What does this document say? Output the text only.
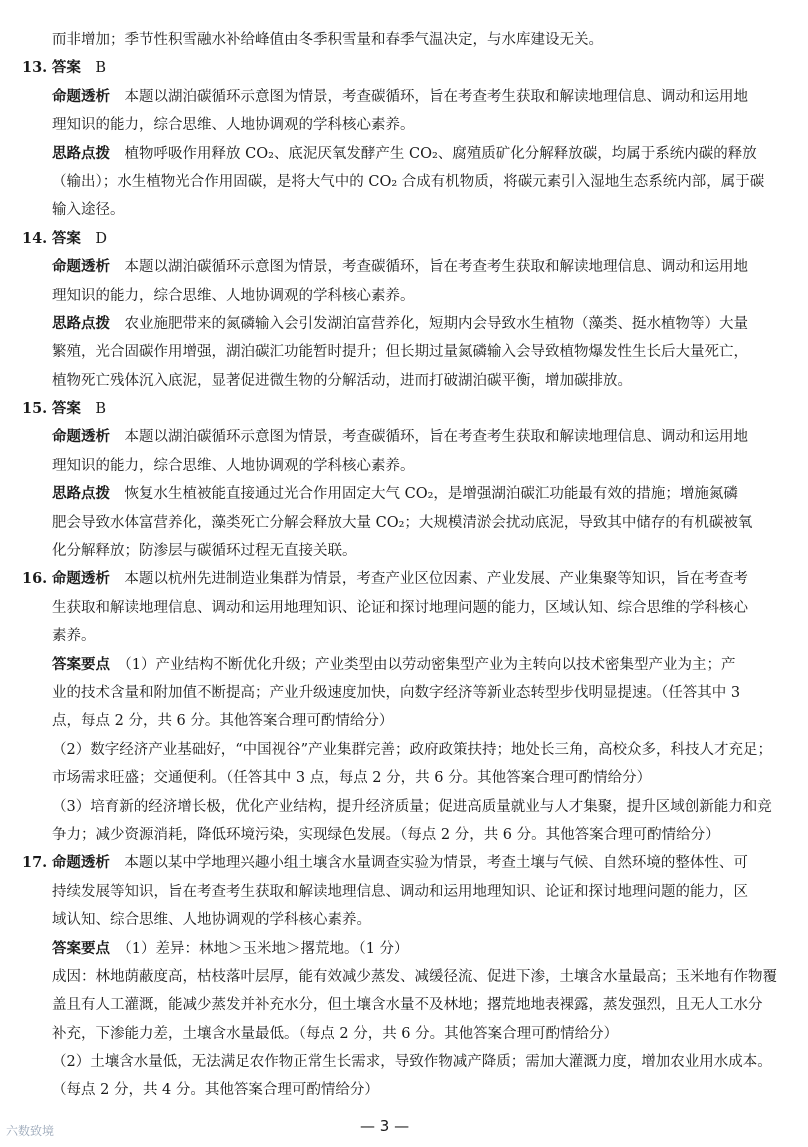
而非增加；季节性积雪融水补给峰值由冬季积雪量和春季气温决定，与水库建设无关。
13. 答案　 B
命题透析　 本题以湖泊碳循环示意图为情景，考查碳循环，旨在考查考生获取和解读地理信息、调动和运用地
理知识的能力，综合思维、人地协调观的学科核心素养。
思路点拨　 植物呼吸作用释放 CO₂、底泥厌氧发酵产生 CO₂、腐殖质矿化分解释放碳，均属于系统内碳的释放
（输出）；水生植物光合作用固碳，是将大气中的 CO₂ 合成有机物质，将碳元素引入湿地生态系统内部，属于碳
输入途径。
14. 答案　 D
命题透析　 本题以湖泊碳循环示意图为情景，考查碳循环，旨在考查考生获取和解读地理信息、调动和运用地
理知识的能力，综合思维、人地协调观的学科核心素养。
思路点拨　 农业施肥带来的氮磷输入会引发湖泊富营养化，短期内会导致水生植物（藻类、挺水植物等）大量
繁殖，光合固碳作用增强，湖泊碳汇功能暂时提升；但长期过量氮磷输入会导致植物爆发性生长后大量死亡，
植物死亡残体沉入底泥，显著促进微生物的分解活动，进而打破湖泊碳平衡，增加碳排放。
15. 答案　 B
命题透析　 本题以湖泊碳循环示意图为情景，考查碳循环，旨在考查考生获取和解读地理信息、调动和运用地
理知识的能力，综合思维、人地协调观的学科核心素养。
思路点拨　 恢复水生植被能直接通过光合作用固定大气 CO₂，是增强湖泊碳汇功能最有效的措施；增施氮磷
肥会导致水体富营养化，藻类死亡分解会释放大量 CO₂；大规模清淤会扰动底泥，导致其中储存的有机碳被氧
化分解释放；防渗层与碳循环过程无直接关联。
16. 命题透析　 本题以杭州先进制造业集群为情景，考查产业区位因素、产业发展、产业集聚等知识，旨在考查考
生获取和解读地理信息、调动和运用地理知识、论证和探讨地理问题的能力，区域认知、综合思维的学科核心
素养。
答案要点　 （1）产业结构不断优化升级；产业类型由以劳动密集型产业为主转向以技术密集型产业为主；产
业的技术含量和附加值不断提高；产业升级速度加快，向数字经济等新业态转型步伐明显提速。（任答其中 3
点，每点 2 分，共 6 分。其他答案合理可酌情给分）
（2）数字经济产业基础好，“中国视谷”产业集群完善；政府政策扶持；地处长三角，高校众多，科技人才充足；
市场需求旺盛；交通便利。（任答其中 3 点，每点 2 分，共 6 分。其他答案合理可酌情给分）
（3）培育新的经济增长极，优化产业结构，提升经济质量；促进高质量就业与人才集聚，提升区域创新能力和竞
争力；减少资源消耗，降低环境污染，实现绿色发展。（每点 2 分，共 6 分。其他答案合理可酌情给分）
17. 命题透析　 本题以某中学地理兴趣小组土壤含水量调查实验为情景，考查土壤与气候、自然环境的整体性、可
持续发展等知识，旨在考查考生获取和解读地理信息、调动和运用地理知识、论证和探讨地理问题的能力，区
域认知、综合思维、人地协调观的学科核心素养。
答案要点　 （1）差异：林地＞玉米地＞撂荒地。（1 分）
成因：林地荫蔽度高，枯枝落叶层厚，能有效减少蒸发、减缓径流、促进下渗，土壤含水量最高；玉米地有作物覆
盖且有人工灌溉，能减少蒸发并补充水分，但土壤含水量不及林地；撂荒地地表裸露，蒸发强烈，且无人工水分
补充，下渗能力差，土壤含水量最低。（每点 2 分，共 6 分。其他答案合理可酌情给分）
（2）土壤含水量低，无法满足农作物正常生长需求，导致作物减产降质；需加大灌溉力度，增加农业用水成本。
（每点 2 分，共 4 分。其他答案合理可酌情给分）
— 3 —
六数致境
